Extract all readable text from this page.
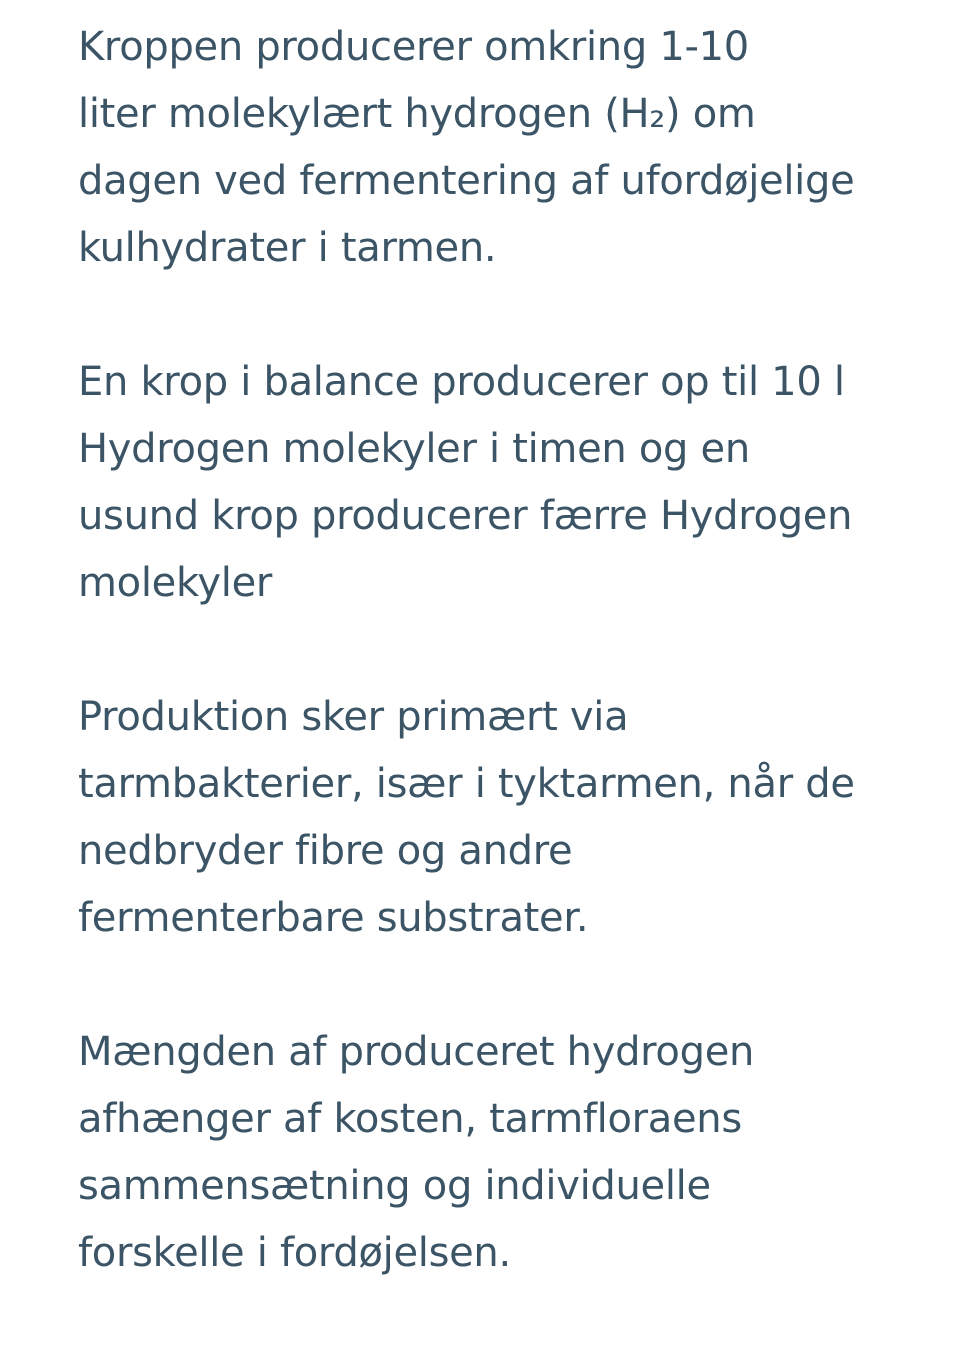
Kroppen producerer omkring 1-10
liter molekylært hydrogen (H₂) om
dagen ved fermentering af ufordøjelige
kulhydrater i tarmen.

En krop i balance producerer op til 10 l
Hydrogen molekyler i timen og en
usund krop producerer færre Hydrogen
molekyler

Produktion sker primært via
tarmbakterier, især i tyktarmen, når de
nedbryder fibre og andre
fermenterbare substrater.

Mængden af produceret hydrogen
afhænger af kosten, tarmfloraens
sammensætning og individuelle
forskelle i fordøjelsen.
